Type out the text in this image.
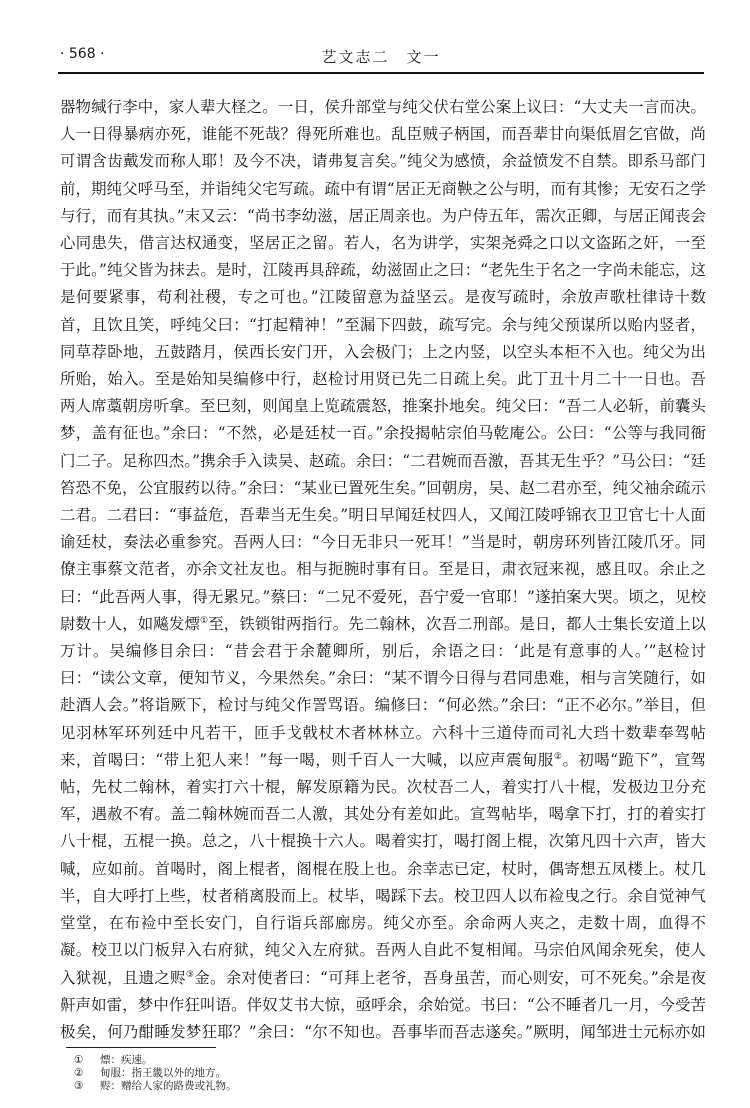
· 568 ·	艺文志二　文一
器物缄行李中，家人辈大柽之。一日，侯升部堂与纯父伏右堂公案上议曰：“大丈夫一言而决。人一日得暴病亦死，谁能不死哉？得死所难也。乱臣贼子柄国，而吾辈甘向渠低眉乞官做，尚可谓含齿戴发而称人耶！及今不决，请弗复言矣。”纯父为感愤，余益愤发不自禁。即系马部门前，期纯父呼马至，并诣纯父宅写疏。疏中有谓“居正无商鞅之公与明，而有其惨；无安石之学与行，而有其执。”末又云：“尚书李幼滋，居正周亲也。为户侍五年，需次正卿，与居正闻丧会心同患失，借言达权通变，坚居正之留。若人，名为讲学，实架尧舜之口以文盗跖之奸，一至于此。”纯父皆为抹去。是时，江陵再具辞疏，幼滋固止之曰：“老先生于名之一字尚未能忘，这是何要紧事，苟利社稷，专之可也。”江陵留意为益坚云。是夜写疏时，余放声歌杜律诗十数首，且饮且笑，呼纯父曰：“打起精神！”至漏下四鼓，疏写完。余与纯父预谋所以贻内竖者，同草荐卧地，五鼓踏月，侯西长安门开，入会极门；上之内竖，以空头本柜不入也。纯父为出所贻，始入。至是始知吴编修中行，赵检讨用贤已先二日疏上矣。此丁丑十月二十一日也。吾两人席藁朝房听拿。至巳刻，则闻皇上览疏震怒，推案扑地矣。纯父曰：“吾二人必斩，前囊头梦，盖有征也。”余曰：“不然，必是廷杖一百。”余投揭帖宗伯马乾庵公。公曰：“公等与我同衙门二子。足称四杰。”携余手入读吴、赵疏。余曰：“二君婉而吾激，吾其无生乎？”马公曰：“廷笞恐不免，公宜服药以待。”余曰：“某业已置死生矣。”回朝房，吴、赵二君亦至，纯父袖余疏示二君。二君曰：“事益危，吾辈当无生矣。”明日早闻廷杖四人，又闻江陵呼锦衣卫卫官七十人面谕廷杖，奏法必重参究。吾两人曰：“今日无非只一死耳！”当是时，朝房环列皆江陵爪牙。同僚主事蔡文范者，亦余文社友也。相与扼腕时事有日。至是日，肃衣冠来视，感且叹。余止之曰：“此吾两人事，得无累兄。”蔡曰：“二兄不爱死，吾宁爱一官耶！”遂拍案大哭。顷之，见校尉数十人，如飚发熛①至，铁锁钳两指行。先二翰林，次吾二刑部。是日，都人士集长安道上以万计。吴编修目余曰：“昔会君于余麓卿所，别后，余语之曰：‘此是有意事的人。’”赵检讨曰：“读公文章，便知节义，今果然矣。”余曰：“某不谓今日得与君同患难，相与言笑随行，如赴酒人会。”将诣厥下，检讨与纯父作詈骂语。编修曰：“何必然。”余曰：“正不必尔。”举目，但见羽林军环列廷中凡若干，匝手戈戟杖木者林林立。六科十三道侍而司礼大珰十数辈奉驾帖来，首喝曰：“带上犯人来！”每一喝，则千百人一大喊，以应声震甸服②。初喝“跪下”，宣驾帖，先杖二翰林，着实打六十棍，解发原籍为民。次杖吾二人，着实打八十棍，发极边卫分充军，遇赦不宥。盖二翰林婉而吾二人激，其处分有差如此。宣驾帖毕，喝拿下打，打的着实打八十棍，五棍一换。总之，八十棍换十六人。喝着实打，喝打阁上棍，次第凡四十六声，皆大喊，应如前。首喝时，阁上棍者，阁棍在股上也。余幸志已定，杖时，偶寄想五凤楼上。杖几半，自大呼打上些，杖者稍离股而上。杖毕，喝踩下去。校卫四人以布裣曳之行。余自觉神气堂堂，在布裣中至长安门，自行诣兵部廊房。纯父亦至。余命两人夹之，走数十周，血得不凝。校卫以门板舁入右府狱，纯父入左府狱。吾两人自此不复相闻。马宗伯风闻余死矣，使人入狱视，且遗之赆③金。余对使者曰：“可拜上老爷，吾身虽苦，而心则安，可不死矣。”余是夜鼾声如雷，梦中作狂叫语。伴奴艾书大惊，亟呼余，余始觉。书曰：“公不睡者几一月，今受苦极矣，何乃酣睡发梦狂耶？”余曰：“尔不知也。吾事毕而吾志遂矣。”厥明，闻邹进士元标亦如
①	熛：疾速。
②	甸服：指王畿以外的地方。
③	赆：赠给人家的路费或礼物。
